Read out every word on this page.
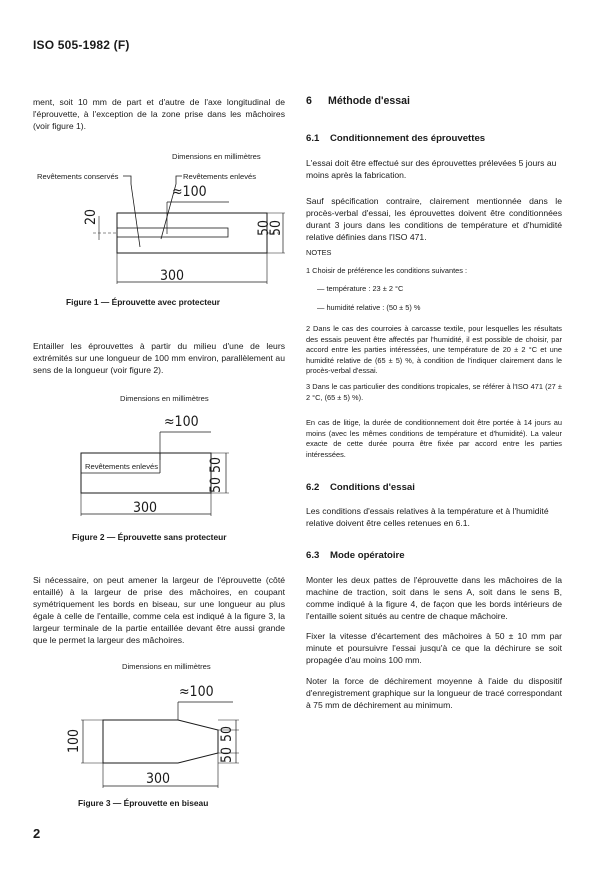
ISO 505-1982 (F)

ment, soit 10 mm de part et d'autre de l'axe longitudinal de l'éprouvette, à l'exception de la zone prise dans les mâchoires (voir figure 1).

Dimensions en millimètres
Revêtements conservés	Revêtements enlevés
≈100
20
50
50
300
Figure 1 — Éprouvette avec protecteur

Entailler les éprouvettes à partir du milieu d'une de leurs extrémités sur une longueur de 100 mm environ, parallèlement au sens de la longueur (voir figure 2).

Dimensions en millimètres
≈100
Revêtements enlevés	50
50
300
Figure 2 — Éprouvette sans protecteur

Si nécessaire, on peut amener la largeur de l'éprouvette (côté entaillé) à la largeur de prise des mâchoires, en coupant symétriquement les bords en biseau, sur une longueur au plus égale à celle de l'entaille, comme cela est indiqué à la figure 3, la largeur terminale de la partie entaillée devant être aussi grande que le permet la largeur des mâchoires.

Dimensions en millimètres
≈100
100	50
50
300
Figure 3 — Éprouvette en biseau
6 Méthode d'essai
6.1 Conditionnement des éprouvettes

L'essai doit être effectué sur des éprouvettes prélevées 5 jours au moins après la fabrication.

Sauf spécification contraire, clairement mentionnée dans le procès-verbal d'essai, les éprouvettes doivent être conditionnées durant 3 jours dans les conditions de température et d'humidité relative définies dans l'ISO 471.

NOTES

1 Choisir de préférence les conditions suivantes :

— température : 23 ± 2 °C

— humidité relative : (50 ± 5) %

2 Dans le cas des courroies à carcasse textile, pour lesquelles les résultats des essais peuvent être affectés par l'humidité, il est possible de choisir, par accord entre les parties intéressées, une température de 20 ± 2 °C et une humidité relative de (65 ± 5) %, à condition de l'indiquer clairement dans le procès-verbal d'essai.

3 Dans le cas particulier des conditions tropicales, se référer à l'ISO 471 (27 ± 2 °C, (65 ± 5) %).

En cas de litige, la durée de conditionnement doit être portée à 14 jours au moins (avec les mêmes conditions de température et d'humidité). La valeur exacte de cette durée pourra être fixée par accord entre les parties intéressées.

6.2 Conditions d'essai

Les conditions d'essais relatives à la température et à l'humidité relative doivent être celles retenues en 6.1.

6.3 Mode opératoire

Monter les deux pattes de l'éprouvette dans les mâchoires de la machine de traction, soit dans le sens A, soit dans le sens B, comme indiqué à la figure 4, de façon que les bords intérieurs de l'entaille soient situés au centre de chaque mâchoire.

Fixer la vitesse d'écartement des mâchoires à 50 ± 10 mm par minute et poursuivre l'essai jusqu'à ce que la déchirure se soit propagée d'au moins 100 mm.

Noter la force de déchirement moyenne à l'aide du dispositif d'enregistrement graphique sur la longueur de tracé correspondant à 75 mm de déchirement au minimum.

2
